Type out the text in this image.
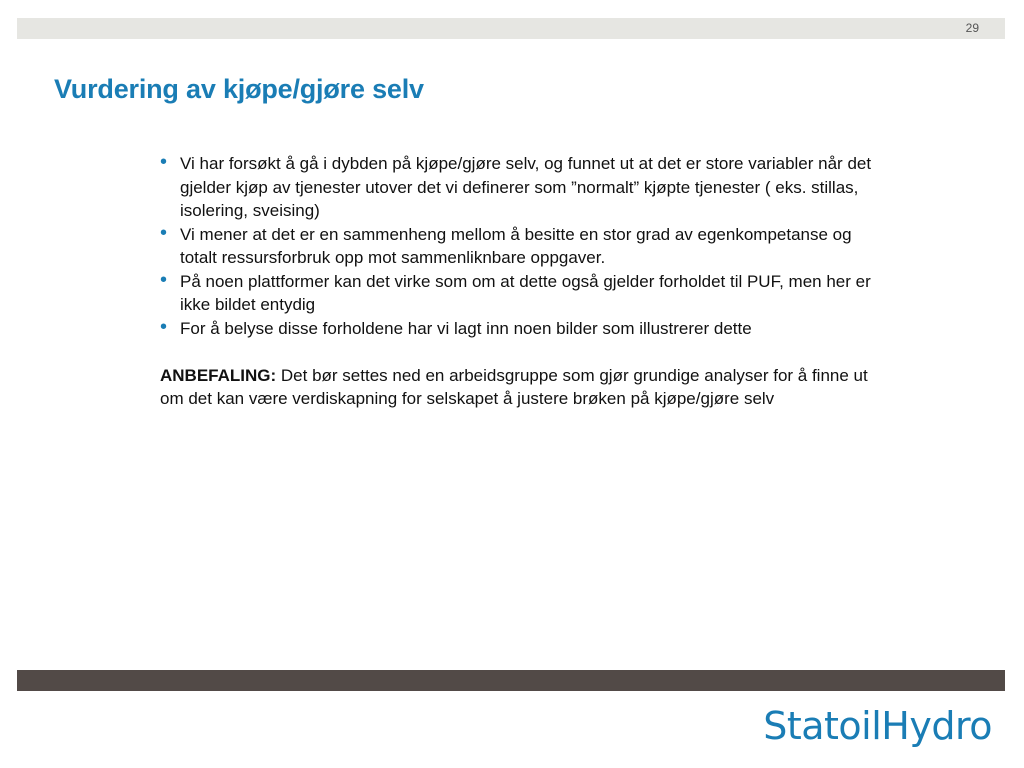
29
Vurdering av kjøpe/gjøre selv
• Vi har forsøkt å gå i dybden på kjøpe/gjøre selv, og funnet ut at det er store variabler når det gjelder kjøp av tjenester utover det vi definerer som ”normalt” kjøpte tjenester ( eks. stillas, isolering, sveising)
• Vi mener at det er en sammenheng mellom å besitte en stor grad av egenkompetanse og totalt ressursforbruk opp mot sammenliknbare oppgaver.
• På noen plattformer kan det virke som om at dette også gjelder forholdet til PUF, men her er ikke bildet entydig
• For å belyse disse forholdene har vi lagt inn noen bilder som illustrerer dette

ANBEFALING: Det bør settes ned en arbeidsgruppe som gjør grundige analyser for å finne ut om det kan være verdiskapning for selskapet å justere brøken på kjøpe/gjøre selv

StatoilHydro
